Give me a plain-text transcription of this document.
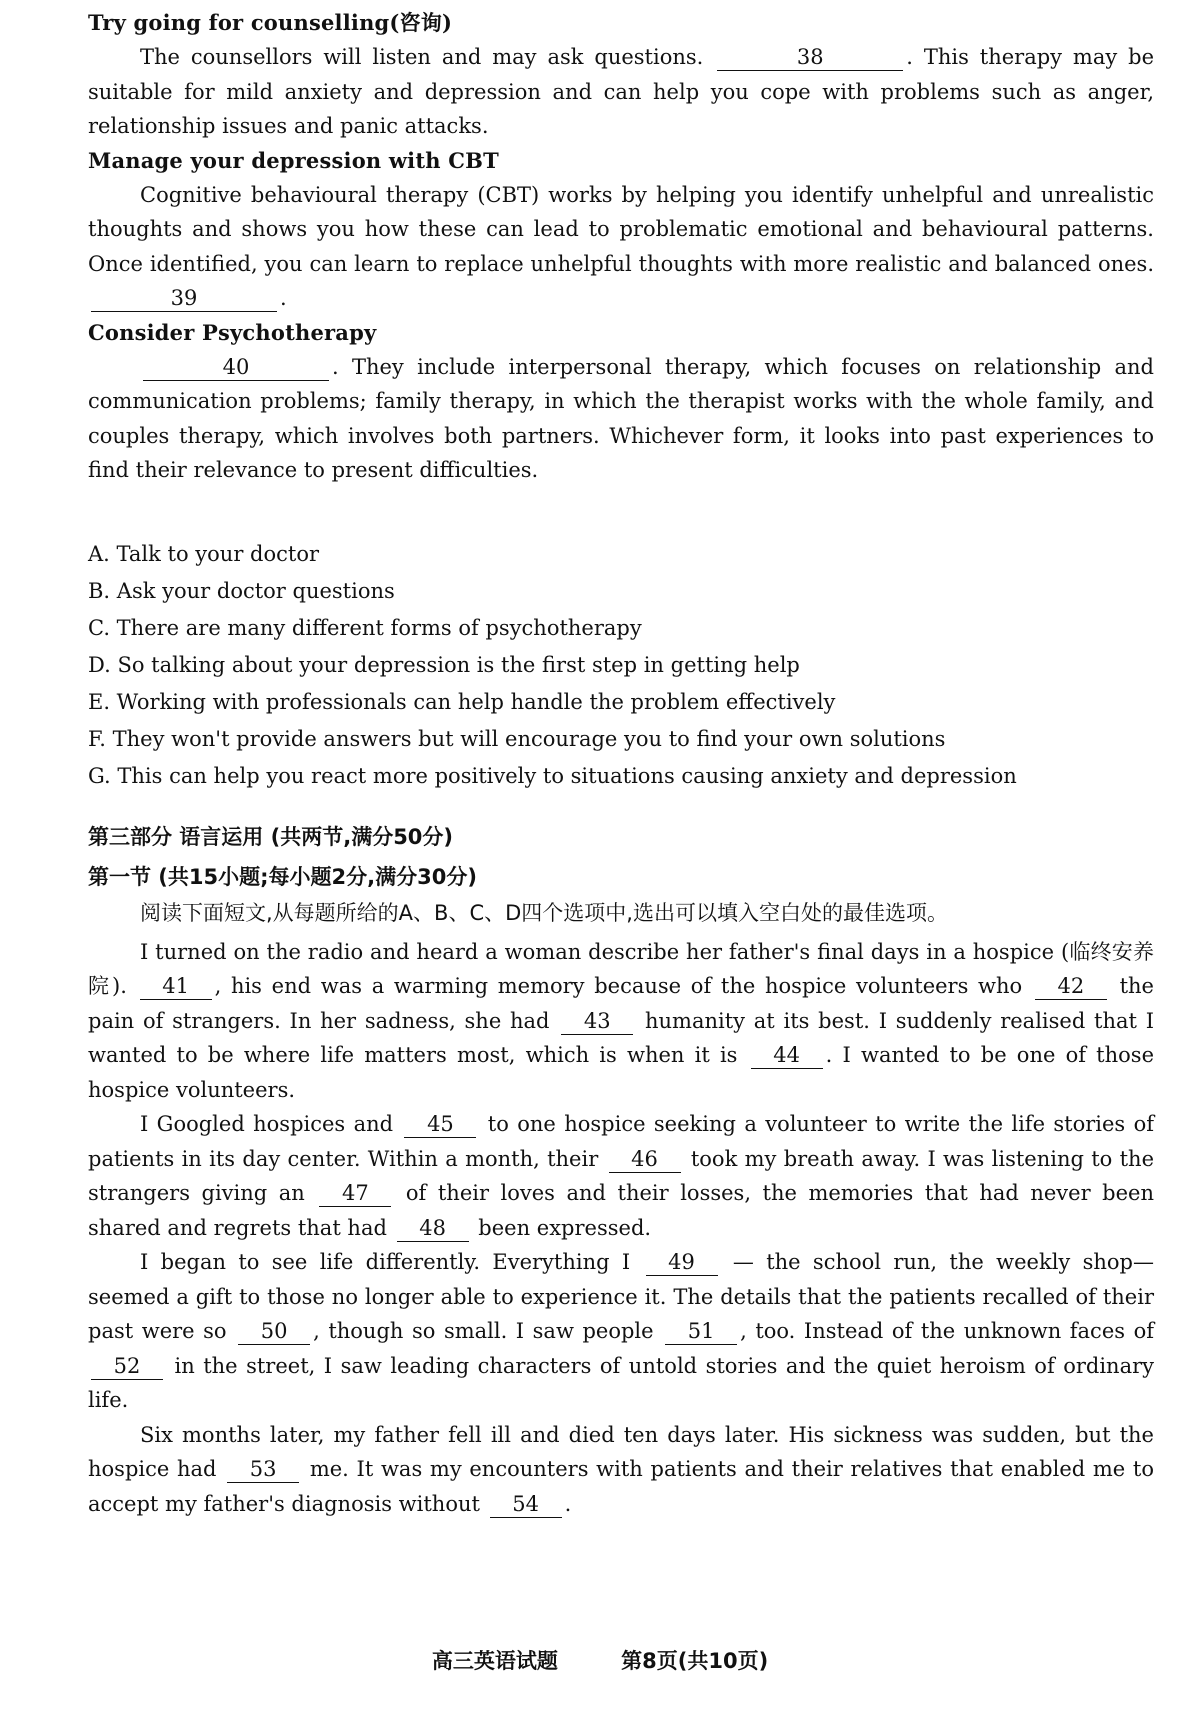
Try going for counselling(咨询)

The counsellors will listen and may ask questions.	38	. This therapy may be suitable for mild anxiety and depression and can help you cope with problems such as anger, relationship issues and panic attacks.

Manage your depression with CBT

Cognitive behavioural therapy (CBT) works by helping you identify unhelpful and unrealistic thoughts and shows you how these can lead to problematic emotional and behavioural patterns. Once identified, you can learn to replace unhelpful thoughts with more realistic and balanced ones. 39	.

Consider Psychotherapy

40	. They include interpersonal therapy, which focuses on relationship and communication problems; family therapy, in which the therapist works with the whole family, and couples therapy, which involves both partners. Whichever form, it looks into past experiences to find their relevance to present difficulties.

A. Talk to your doctor
B. Ask your doctor questions
C. There are many different forms of psychotherapy
D. So talking about your depression is the first step in getting help
E. Working with professionals can help handle the problem effectively
F. They won't provide answers but will encourage you to find your own solutions
G. This can help you react more positively to situations causing anxiety and depression
第三部分 语言运用 (共两节,满分50分)
第一节 (共15小题;每小题2分,满分30分)

阅读下面短文,从每题所给的A、B、C、D四个选项中,选出可以填入空白处的最佳选项。

I turned on the radio and heard a woman describe her father's final days in a hospice (临终安养院). 41 , his end was a warming memory because of the hospice volunteers who 42 the pain of strangers. In her sadness, she had 43 humanity at its best. I suddenly realised that I wanted to be where life matters most, which is when it is 44 . I wanted to be one of those hospice volunteers.

I Googled hospices and 45 to one hospice seeking a volunteer to write the life stories of patients in its day center. Within a month, their 46 took my breath away. I was listening to the strangers giving an 47 of their loves and their losses, the memories that had never been shared and regrets that had 48 been expressed.

I began to see life differently. Everything I 49 — the school run, the weekly shop— seemed a gift to those no longer able to experience it. The details that the patients recalled of their past were so 50 , though so small. I saw people 51 , too. Instead of the unknown faces of 52 in the street, I saw leading characters of untold stories and the quiet heroism of ordinary life.

Six months later, my father fell ill and died ten days later. His sickness was sudden, but the hospice had 53 me. It was my encounters with patients and their relatives that enabled me to accept my father's diagnosis without 54 .

高三英语试题	第8页(共10页)
